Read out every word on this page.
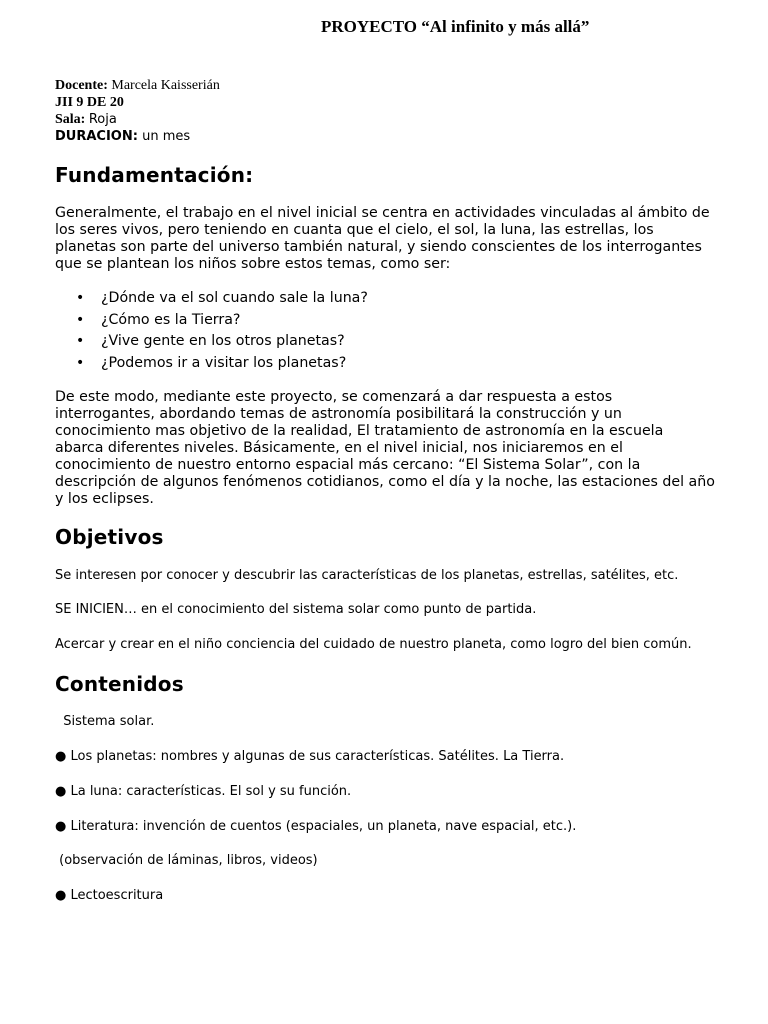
PROYECTO “Al infinito y más allá”
Docente: Marcela Kaisserián
JII 9 DE 20
Sala: Roja
DURACION: un mes
Fundamentación:

Generalmente, el trabajo en el nivel inicial se centra en actividades vinculadas al ámbito de los seres vivos, pero teniendo en cuanta que el cielo, el sol, la luna, las estrellas, los planetas son parte del universo también natural, y siendo conscientes de los interrogantes que se plantean los niños sobre estos temas, como ser:

• ¿Dónde va el sol cuando sale la luna?
• ¿Cómo es la Tierra?
• ¿Vive gente en los otros planetas?
• ¿Podemos ir a visitar los planetas?

De este modo, mediante este proyecto, se comenzará a dar respuesta a estos interrogantes, abordando temas de astronomía posibilitará la construcción y un conocimiento mas objetivo de la realidad, El tratamiento de astronomía en la escuela abarca diferentes niveles. Básicamente, en el nivel inicial, nos iniciaremos en el conocimiento de nuestro entorno espacial más cercano: “El Sistema Solar”, con la descripción de algunos fenómenos cotidianos, como el día y la noche, las estaciones del año y los eclipses.

Objetivos
Se interesen por conocer y descubrir las características de los planetas, estrellas, satélites, etc.
SE INICIEN… en el conocimiento del sistema solar como punto de partida.
Acercar y crear en el niño conciencia del cuidado de nuestro planeta, como logro del bien común.
Contenidos
Sistema solar.
● Los planetas: nombres y algunas de sus características. Satélites. La Tierra.
● La luna: características. El sol y su función.
● Literatura: invención de cuentos (espaciales, un planeta, nave espacial, etc.).
(observación de láminas, libros, videos)
● Lectoescritura
